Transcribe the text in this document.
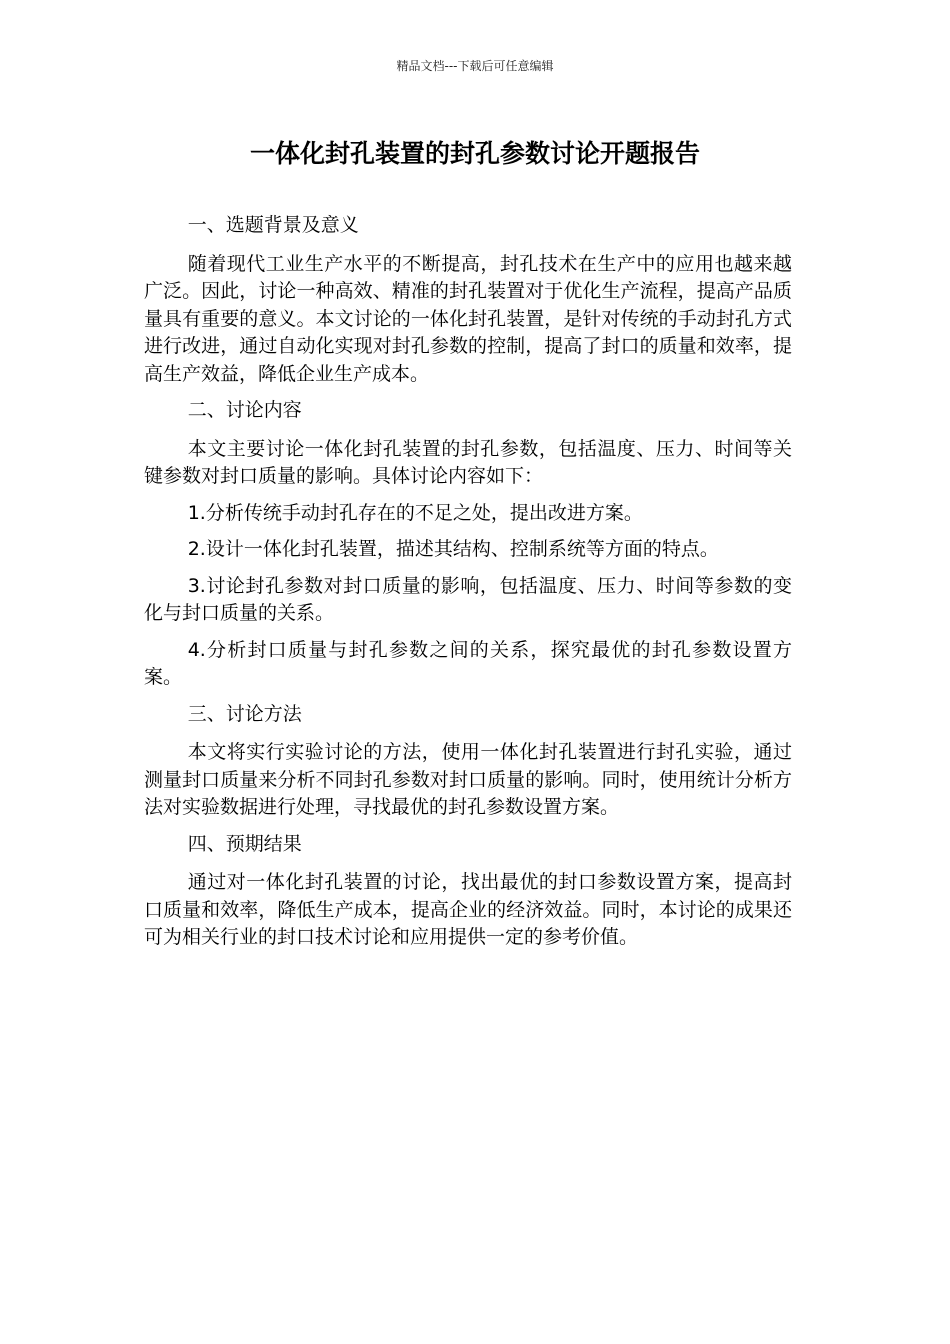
精品文档---下载后可任意编辑
一体化封孔装置的封孔参数讨论开题报告

一、选题背景及意义

随着现代工业生产水平的不断提高，封孔技术在生产中的应用也越来越广泛。因此，讨论一种高效、精准的封孔装置对于优化生产流程，提高产品质量具有重要的意义。本文讨论的一体化封孔装置，是针对传统的手动封孔方式进行改进，通过自动化实现对封孔参数的控制，提高了封口的质量和效率，提高生产效益，降低企业生产成本。

二、讨论内容

本文主要讨论一体化封孔装置的封孔参数，包括温度、压力、时间等关键参数对封口质量的影响。具体讨论内容如下：

1.分析传统手动封孔存在的不足之处，提出改进方案。

2.设计一体化封孔装置，描述其结构、控制系统等方面的特点。

3.讨论封孔参数对封口质量的影响，包括温度、压力、时间等参数的变化与封口质量的关系。

4.分析封口质量与封孔参数之间的关系，探究最优的封孔参数设置方案。

三、讨论方法

本文将实行实验讨论的方法，使用一体化封孔装置进行封孔实验，通过测量封口质量来分析不同封孔参数对封口质量的影响。同时，使用统计分析方法对实验数据进行处理，寻找最优的封孔参数设置方案。

四、预期结果

通过对一体化封孔装置的讨论，找出最优的封口参数设置方案，提高封口质量和效率，降低生产成本，提高企业的经济效益。同时，本讨论的成果还可为相关行业的封口技术讨论和应用提供一定的参考价值。
